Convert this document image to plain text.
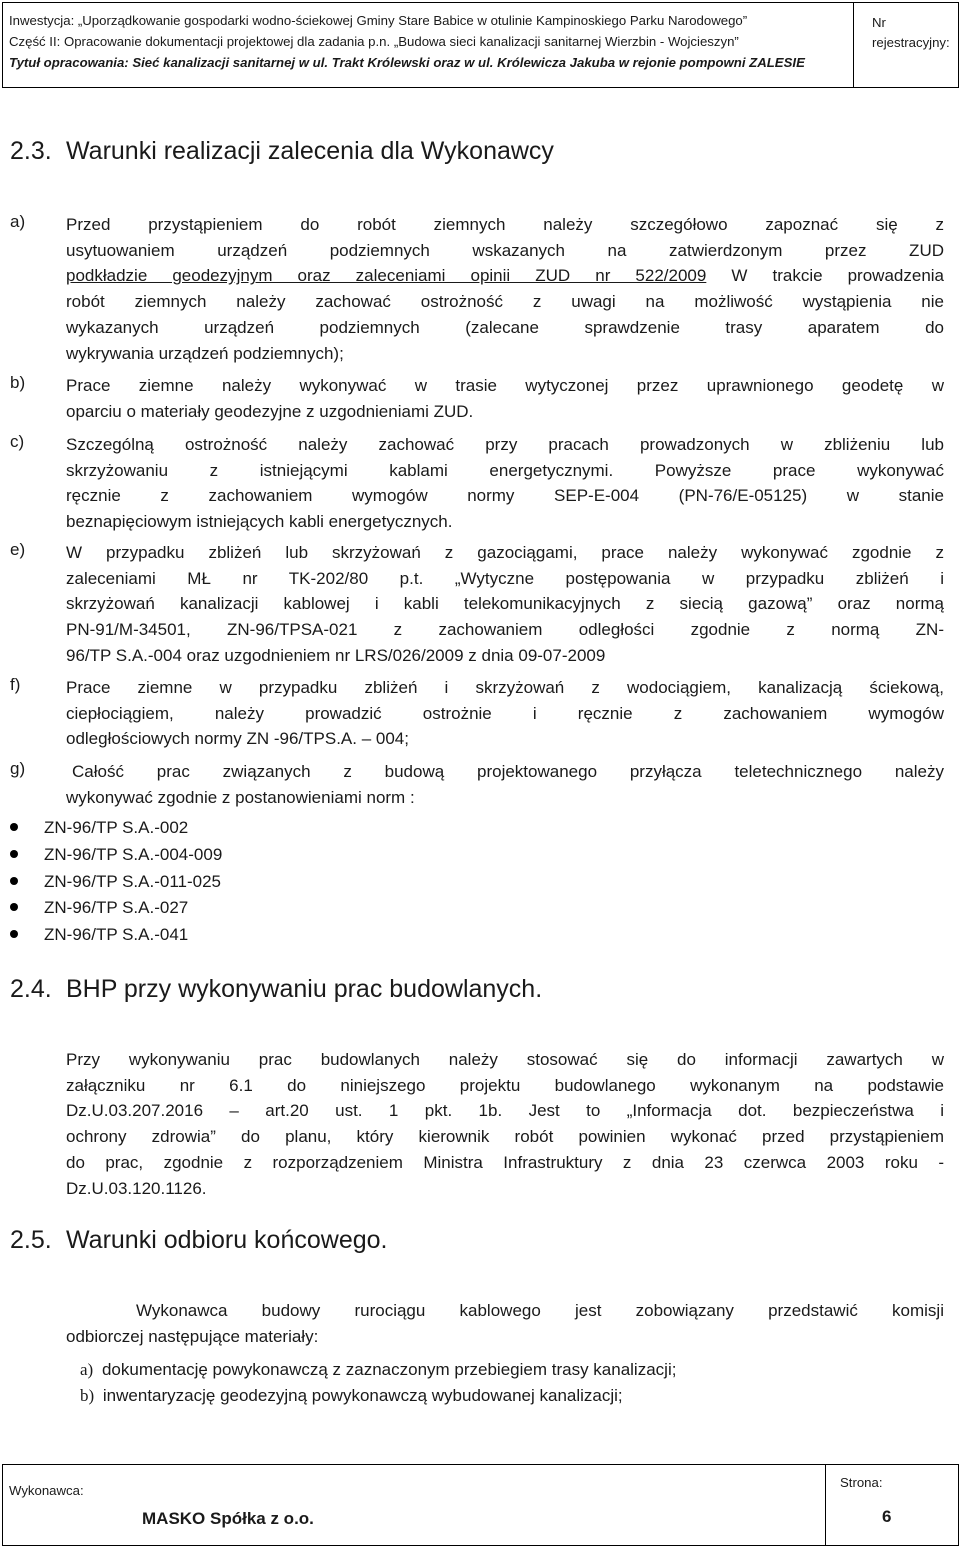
Inwestycja: „Uporządkowanie gospodarki wodno-ściekowej Gminy Stare Babice w otulinie Kampinoskiego Parku Narodowego”
Część II: Opracowanie dokumentacji projektowej dla zadania p.n. „Budowa sieci kanalizacji sanitarnej Wierzbin - Wojcieszyn”
Tytuł opracowania: Sieć kanalizacji sanitarnej w ul. Trakt Królewski oraz w ul. Królewicza Jakuba w rejonie pompowni ZALESIE
Nr
rejestracyjny:
2.3. Warunki realizacji zalecenia dla Wykonawcy
a) Przed przystąpieniem do robót ziemnych należy szczegółowo zapoznać się z
usytuowaniem urządzeń podziemnych wskazanych na zatwierdzonym przez ZUD
podkładzie geodezyjnym oraz zaleceniami opinii ZUD nr 522/2009 W trakcie prowadzenia
robót ziemnych należy zachować ostrożność z uwagi na możliwość wystąpienia nie
wykazanych urządzeń podziemnych (zalecane sprawdzenie trasy aparatem do
wykrywania urządzeń podziemnych);
b) Prace ziemne należy wykonywać w trasie wytyczonej przez uprawnionego geodetę w
oparciu o materiały geodezyjne z uzgodnieniami ZUD.
c) Szczególną ostrożność należy zachować przy pracach prowadzonych w zbliżeniu lub
skrzyżowaniu z istniejącymi kablami energetycznymi. Powyższe prace wykonywać
ręcznie z zachowaniem wymogów normy SEP-E-004 (PN-76/E-05125) w stanie
beznapięciowym istniejących kabli energetycznych.
e) W przypadku zbliżeń lub skrzyżowań z gazociągami, prace należy wykonywać zgodnie z
zaleceniami MŁ nr TK-202/80 p.t. „Wytyczne postępowania w przypadku zbliżeń i
skrzyżowań kanalizacji kablowej i kabli telekomunikacyjnych z siecią gazową” oraz normą
PN-91/M-34501, ZN-96/TPSA-021 z zachowaniem odległości zgodnie z normą ZN-
96/TP S.A.-004 oraz uzgodnieniem nr LRS/026/2009 z dnia 09-07-2009
f)	Prace ziemne w przypadku zbliżeń i skrzyżowań z wodociągiem, kanalizacją ściekową,
ciepłociągiem, należy prowadzić ostrożnie i ręcznie z zachowaniem wymogów
odległościowych normy ZN -96/TPS.A. – 004;
g)	Całość prac związanych z budową projektowanego przyłącza teletechnicznego należy
wykonywać zgodnie z postanowieniami norm :
ZN-96/TP S.A.-002
ZN-96/TP S.A.-004-009
ZN-96/TP S.A.-011-025
ZN-96/TP S.A.-027
ZN-96/TP S.A.-041
2.4. BHP przy wykonywaniu prac budowlanych.
Przy wykonywaniu prac budowlanych należy stosować się do informacji zawartych w
załączniku nr 6.1 do niniejszego projektu budowlanego wykonanym na podstawie
Dz.U.03.207.2016 – art.20 ust. 1 pkt. 1b. Jest to „Informacja dot. bezpieczeństwa i
ochrony zdrowia” do planu, który kierownik robót powinien wykonać przed przystąpieniem
do prac, zgodnie z rozporządzeniem Ministra Infrastruktury z dnia 23 czerwca 2003 roku -
Dz.U.03.120.1126.
2.5. Warunki odbioru końcowego.
Wykonawca budowy rurociągu kablowego jest zobowiązany przedstawić komisji
odbiorczej następujące materiały:
a) dokumentację powykonawczą z zaznaczonym przebiegiem trasy kanalizacji;
b) inwentaryzację geodezyjną powykonawczą wybudowanej kanalizacji;
Wykonawca:
MASKO Spółka z o.o.
Strona:
6
